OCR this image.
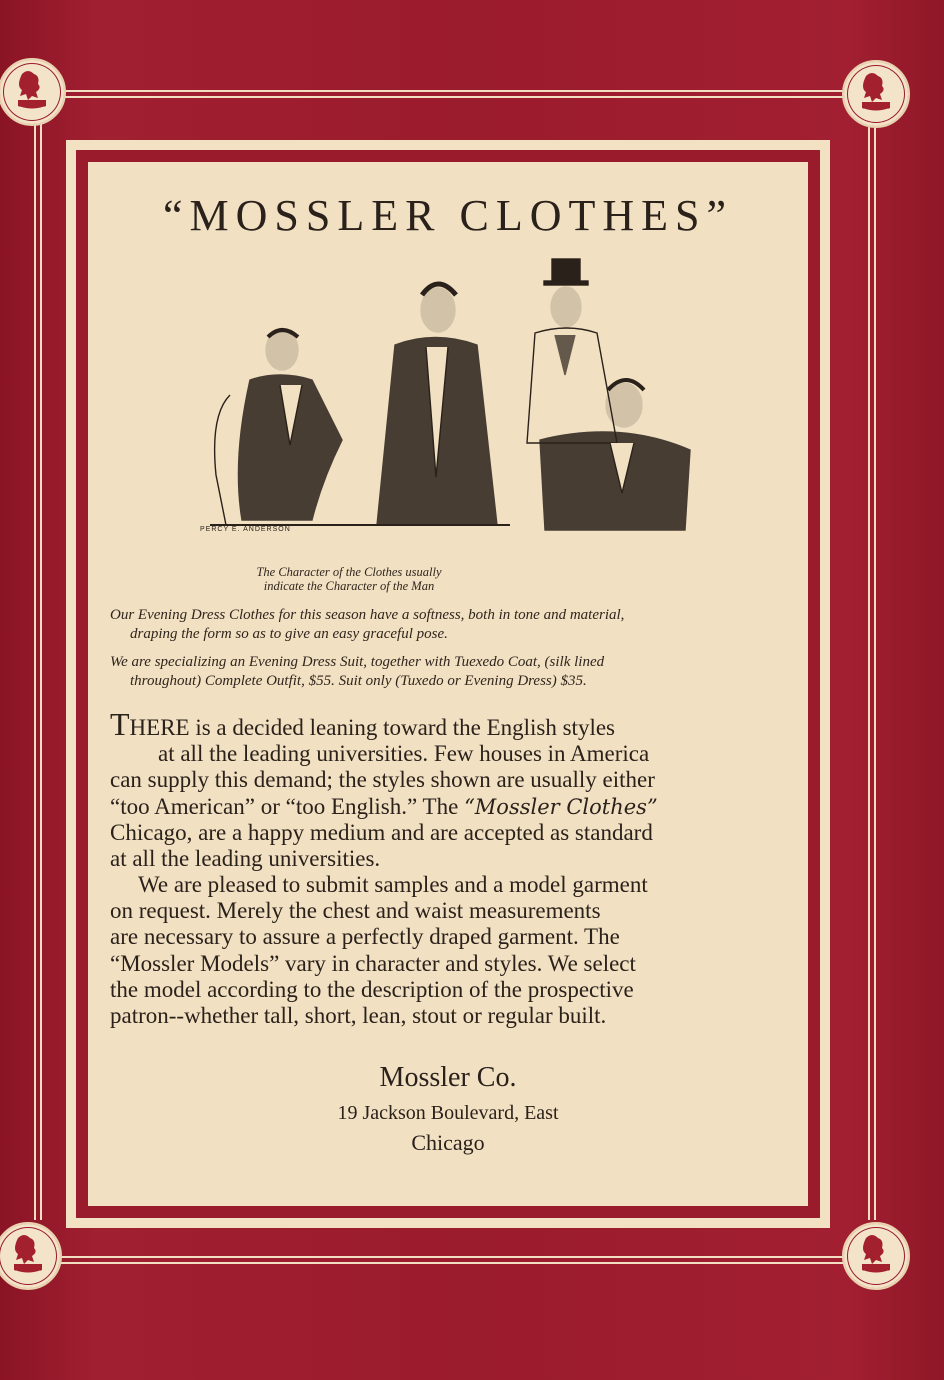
“MOSSLER CLOTHES”
PERCY E. ANDERSON
The Character of the Clothes usually
indicate the Character of the Man
Our Evening Dress Clothes for this season have a softness, both in tone and material,
draping the form so as to give an easy graceful pose.
We are specializing an Evening Dress Suit, together with Tuexedo Coat, (silk lined
throughout) Complete Outfit, $55. Suit only (Tuxedo or Evening Dress) $35.
THERE is a decided leaning toward the English styles
at all the leading universities. Few houses in America
can supply this demand; the styles shown are usually either
“too American” or “too English.” The “Mossler Clothes”
Chicago, are a happy medium and are accepted as standard
at all the leading universities.
We are pleased to submit samples and a model garment
on request. Merely the chest and waist measurements
are necessary to assure a perfectly draped garment. The
“Mossler Models” vary in character and styles. We select
the model according to the description of the prospective
patron--whether tall, short, lean, stout or regular built.
Mossler Co.
19 Jackson Boulevard, East
Chicago
